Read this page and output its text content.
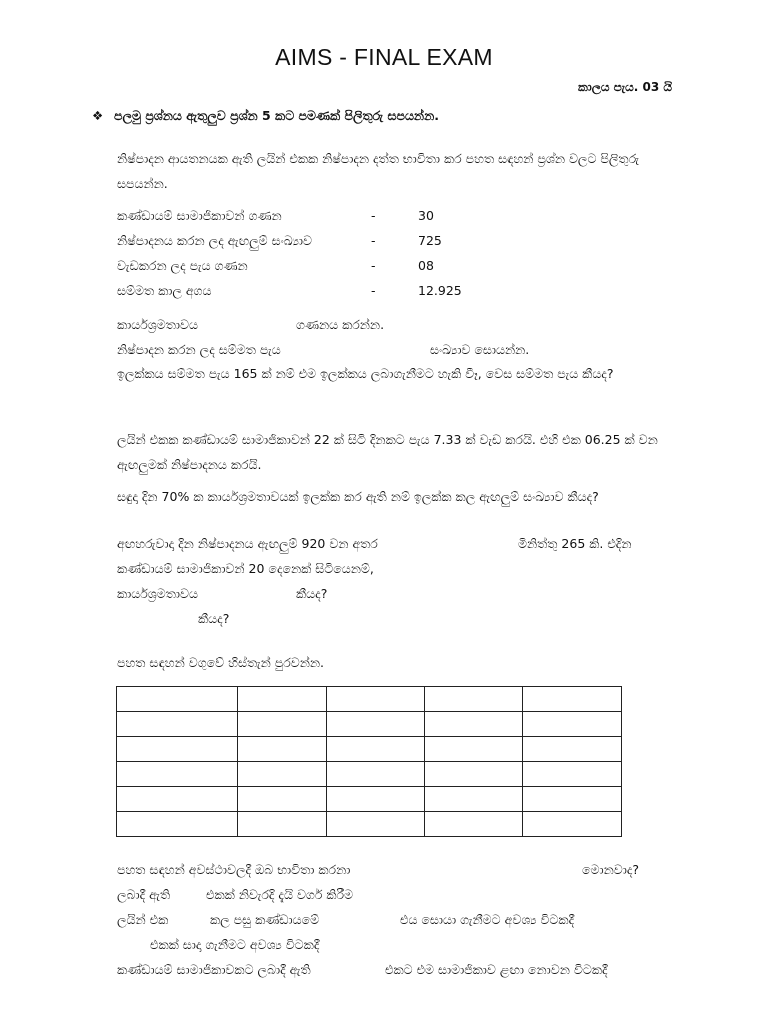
AIMS - FINAL EXAM
කාලය පැය. 03 යි
❖ පලමු ප්‍රශ්නය ඇතුලුව ප්‍රශ්න 5 කට පමණක් පිලිතුරු සපයන්න.
නිෂ්පාදන ආයතනයක ඇති ලයින් එකක නිෂ්පාදන දත්ත භාවිතා කර පහත සඳහන් ප්‍රශ්න වලට පිලිතුරු සපයන්න.
කණ්ඩායම් සාමාජිකාවන් ගණන	-	30
නිෂ්පාදනය කරන ලද ඇඟලුම් සංඛ්‍යාව	-	725
වැඩකරන ලද පැය ගණන	-	08
සම්මත කාල අගය	-	12.925
කාර්යශ්‍රමතාවය	ගණනය කරන්න.
නිෂ්පාදන කරන ලද සම්මත පැය	සංඛ්‍යාව සොයන්න.
ඉලක්කය සම්මත පැය 165 ක් නම් එම ඉලක්කය ලබාගැනීමට හැකි වීෑ, වෙස සම්මත පැය කීයද?
ලයින් එකක කණ්ඩායම් සාමාජිකාවන් 22 ක් සිටි දිනකට පැය 7.33 ක් වැඩ කරයි. එහි එක 06.25 ක් වන ඇඟලුමක් නිෂ්පාදනය කරයි.
සඳුදා දින 70% ක කාර්යශ්‍රමතාවයක් ඉලක්ක කර ඇති නම් ඉලක්ක කල ඇඟලුම් සංඛ්‍යාව කීයද?
අඟහරුවාදා දින නිෂ්පාදනය ඇඟලුම් 920 වන අතර	මිනිත්තු 265 කි. එදින
කණ්ඩායම් සාමාජිකාවන් 20 දෙනෙක් සිටියෙනම්,
කාර්යශ්‍රමතාවය	කීයද?
කීයද?
පහත සඳහන් වගුවේ හිස්තැන් පුරවන්න.

පහත සඳහන් අවස්ථාවලදී ඔබ භාවිතා කරනා	මොනවාද?
ලබාදී ඇති	එකක් නිවැරදි දැයි වර්ග කිරීම
ලයින් එක	කල පසු කණ්ඩායමේ	එය සොයා ගැනීමට අවශ්‍ය විටකදී
එකක් සාදා ගැනීමට අවශ්‍ය විටකදී
කණ්ඩායම් සාමාජිකාවකට ලබාදී ඇති	එකට එම සාමාජිකාව ළඟා නොවන විටකදී
